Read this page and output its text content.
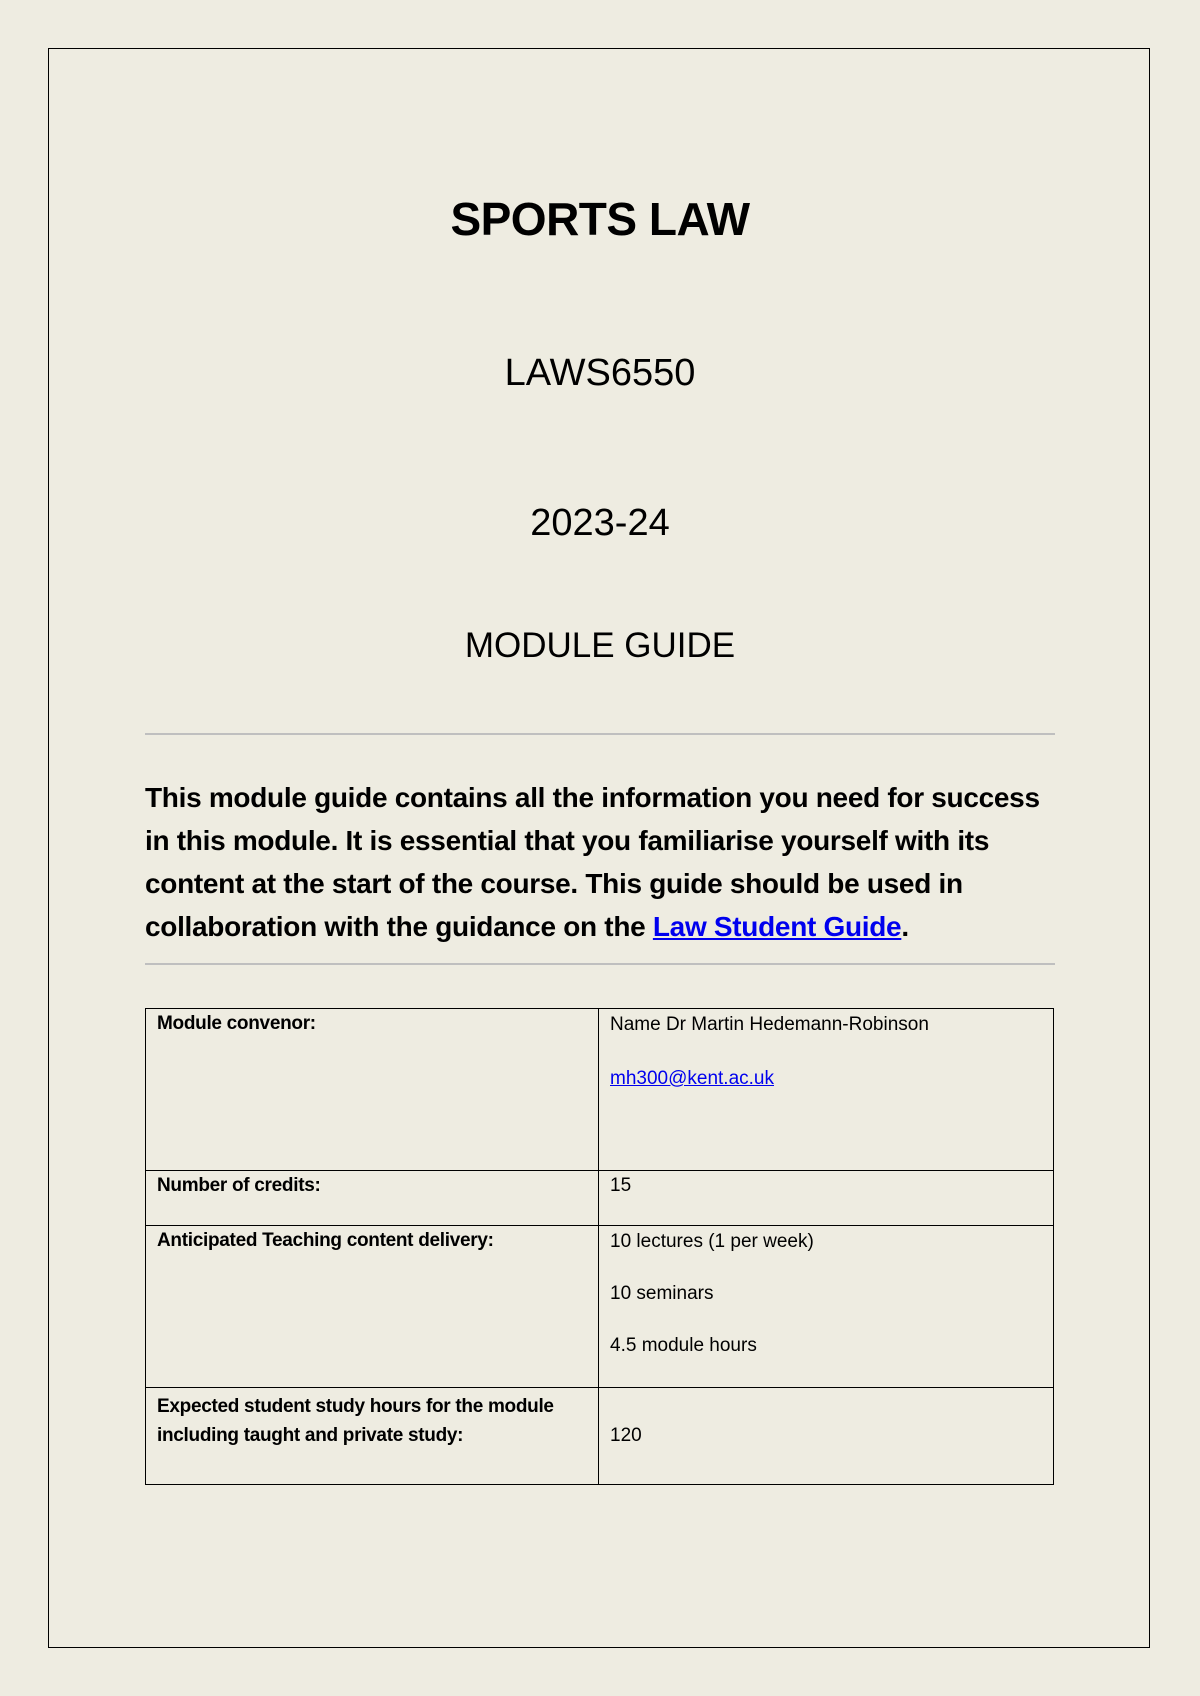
SPORTS LAW
LAWS6550
2023-24
MODULE GUIDE
This module guide contains all the information you need for success in this module. It is essential that you familiarise yourself with its content at the start of the course. This guide should be used in collaboration with the guidance on the Law Student Guide.
Module convenor:	Name Dr Martin Hedemann-Robinson
mh300@kent.ac.uk

Number of credits:	15
Anticipated Teaching content delivery:	10 lectures (1 per week)
10 seminars
4.5 module hours

Expected student study hours for the module
including taught and private study:	120
